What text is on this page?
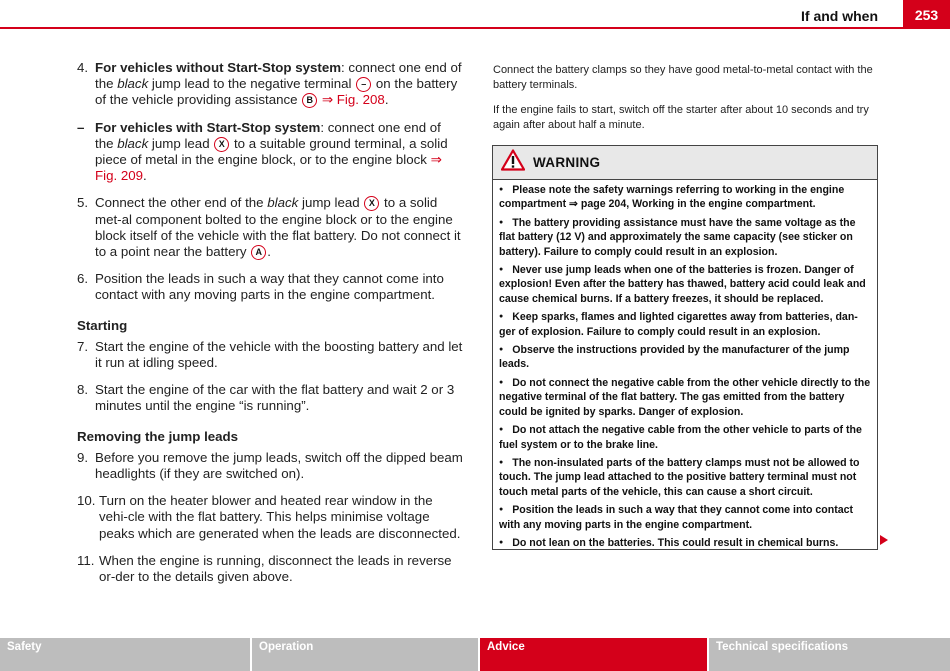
If and when	253
4. For vehicles without Start-Stop system: connect one end of the black jump lead to the negative terminal – on the battery of the vehicle providing assistance B ⇒ Fig. 208.
– For vehicles with Start-Stop system: connect one end of the black jump lead X to a suitable ground terminal, a solid piece of metal in the engine block, or to the engine block ⇒ Fig. 209.
5. Connect the other end of the black jump lead X to a solid met-al component bolted to the engine block or to the engine block itself of the vehicle with the flat battery. Do not connect it to a point near the battery A .
6. Position the leads in such a way that they cannot come into contact with any moving parts in the engine compartment.
Starting
7. Start the engine of the vehicle with the boosting battery and let it run at idling speed.
8. Start the engine of the car with the flat battery and wait 2 or 3 minutes until the engine “is running”.
Removing the jump leads
9. Before you remove the jump leads, switch off the dipped beam headlights (if they are switched on).
10. Turn on the heater blower and heated rear window in the vehi-cle with the flat battery. This helps minimise voltage peaks which are generated when the leads are disconnected.
11. When the engine is running, disconnect the leads in reverse or-der to the details given above.

Connect the battery clamps so they have good metal-to-metal contact with the battery terminals.

If the engine fails to start, switch off the starter after about 10 seconds and try again after about half a minute.

WARNING
● Please note the safety warnings referring to working in the engine compartment ⇒ page 204, Working in the engine compartment.
● The battery providing assistance must have the same voltage as the flat battery (12 V) and approximately the same capacity (see sticker on battery). Failure to comply could result in an explosion.
● Never use jump leads when one of the batteries is frozen. Danger of explosion! Even after the battery has thawed, battery acid could leak and cause chemical burns. If a battery freezes, it should be replaced.
● Keep sparks, flames and lighted cigarettes away from batteries, dan-ger of explosion. Failure to comply could result in an explosion.
● Observe the instructions provided by the manufacturer of the jump leads.
● Do not connect the negative cable from the other vehicle directly to the negative terminal of the flat battery. The gas emitted from the battery could be ignited by sparks. Danger of explosion.
● Do not attach the negative cable from the other vehicle to parts of the fuel system or to the brake line.
● The non-insulated parts of the battery clamps must not be allowed to touch. The jump lead attached to the positive battery terminal must not touch metal parts of the vehicle, this can cause a short circuit.
● Position the leads in such a way that they cannot come into contact with any moving parts in the engine compartment.
● Do not lean on the batteries. This could result in chemical burns.
Safety	Operation	Advice	Technical specifications
